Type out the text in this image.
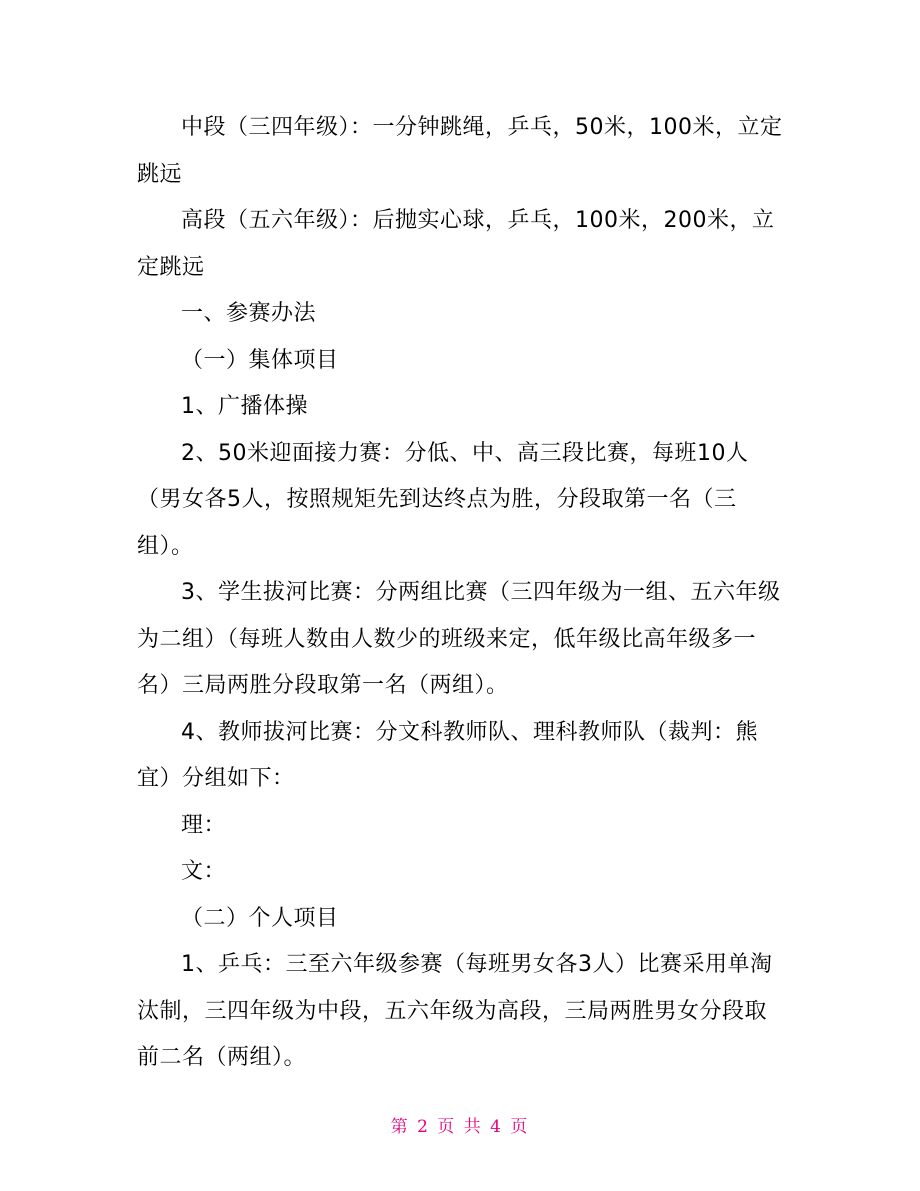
中段（三四年级）：一分钟跳绳，乒乓，50米，100米，立定跳远

高段（五六年级）：后抛实心球，乒乓，100米，200米，立定跳远

一、参赛办法

（一）集体项目

1、广播体操

2、50米迎面接力赛：分低、中、高三段比赛，每班10人（男女各5人，按照规矩先到达终点为胜，分段取第一名（三组）。

3、学生拔河比赛：分两组比赛（三四年级为一组、五六年级为二组）（每班人数由人数少的班级来定，低年级比高年级多一名）三局两胜分段取第一名（两组）。

4、教师拔河比赛：分文科教师队、理科教师队（裁判：熊宜）分组如下：

理：

文：

（二）个人项目

1、乒乓：三至六年级参赛（每班男女各3人）比赛采用单淘汰制，三四年级为中段，五六年级为高段，三局两胜男女分段取前二名（两组）。

第 2 页 共 4 页
